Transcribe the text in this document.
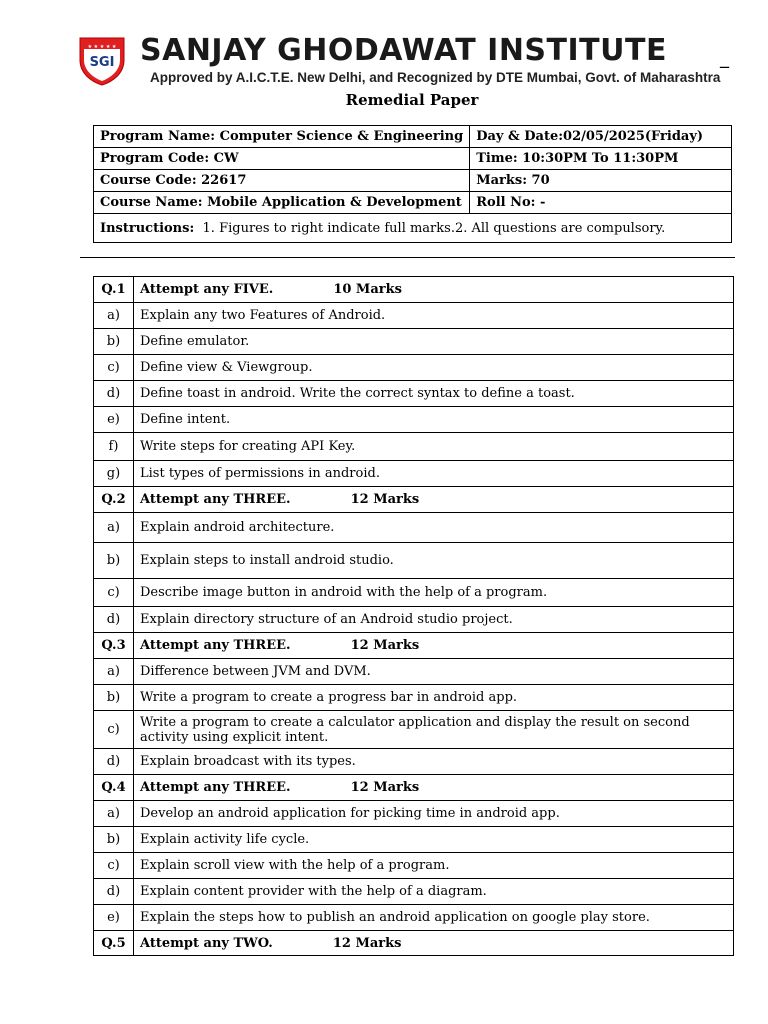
★ ★ ★ ★ ★
SGI SANJAY GHODAWAT INSTITUTE	_
Approved by A.I.C.T.E. New Delhi, and Recognized by DTE Mumbai, Govt. of Maharashtra
Remedial Paper
Program Name: Computer Science & Engineering	Day & Date:02/05/2025(Friday)
Program Code: CW	Time: 10:30PM To 11:30PM
Course Code: 22617	Marks: 70
Course Name: Mobile Application & Development	Roll No: -
Instructions: 1. Figures to right indicate full marks.2. All questions are compulsory.	
Q.1	Attempt any FIVE. 10 Marks
a)	Explain any two Features of Android.
b)	Define emulator.
c)	Define view & Viewgroup.
d)	Define toast in android. Write the correct syntax to define a toast.
e)	Define intent.
f)	Write steps for creating API Key.
g)	List types of permissions in android.
Q.2	Attempt any THREE. 12 Marks
a)	Explain android architecture.
b)	Explain steps to install android studio.
c)	Describe image button in android with the help of a program.
d)	Explain directory structure of an Android studio project.
Q.3	Attempt any THREE. 12 Marks
a)	Difference between JVM and DVM.
b)	Write a program to create a progress bar in android app.
c)	Write a program to create a calculator application and display the result on second activity using explicit intent.
d)	Explain broadcast with its types.
Q.4	Attempt any THREE. 12 Marks
a)	Develop an android application for picking time in android app.
b)	Explain activity life cycle.
c)	Explain scroll view with the help of a program.
d)	Explain content provider with the help of a diagram.
e)	Explain the steps how to publish an android application on google play store.
Q.5	Attempt any TWO. 12 Marks
